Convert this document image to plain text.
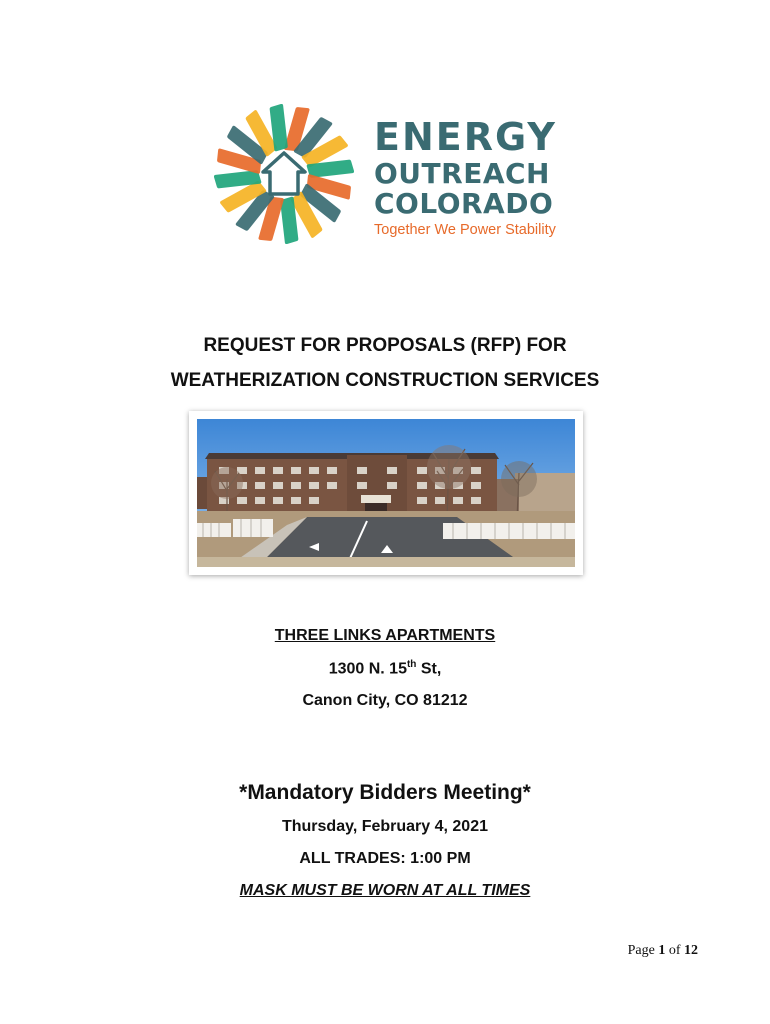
ENERGY
OUTREACH
COLORADO
Together We Power Stability
REQUEST FOR PROPOSALS (RFP) FOR
WEATHERIZATION CONSTRUCTION SERVICES
THREE LINKS APARTMENTS
1300 N. 15th St,
Canon City, CO 81212
*Mandatory Bidders Meeting*
Thursday, February 4, 2021
ALL TRADES: 1:00 PM
MASK MUST BE WORN AT ALL TIMES
Page 1 of 12
